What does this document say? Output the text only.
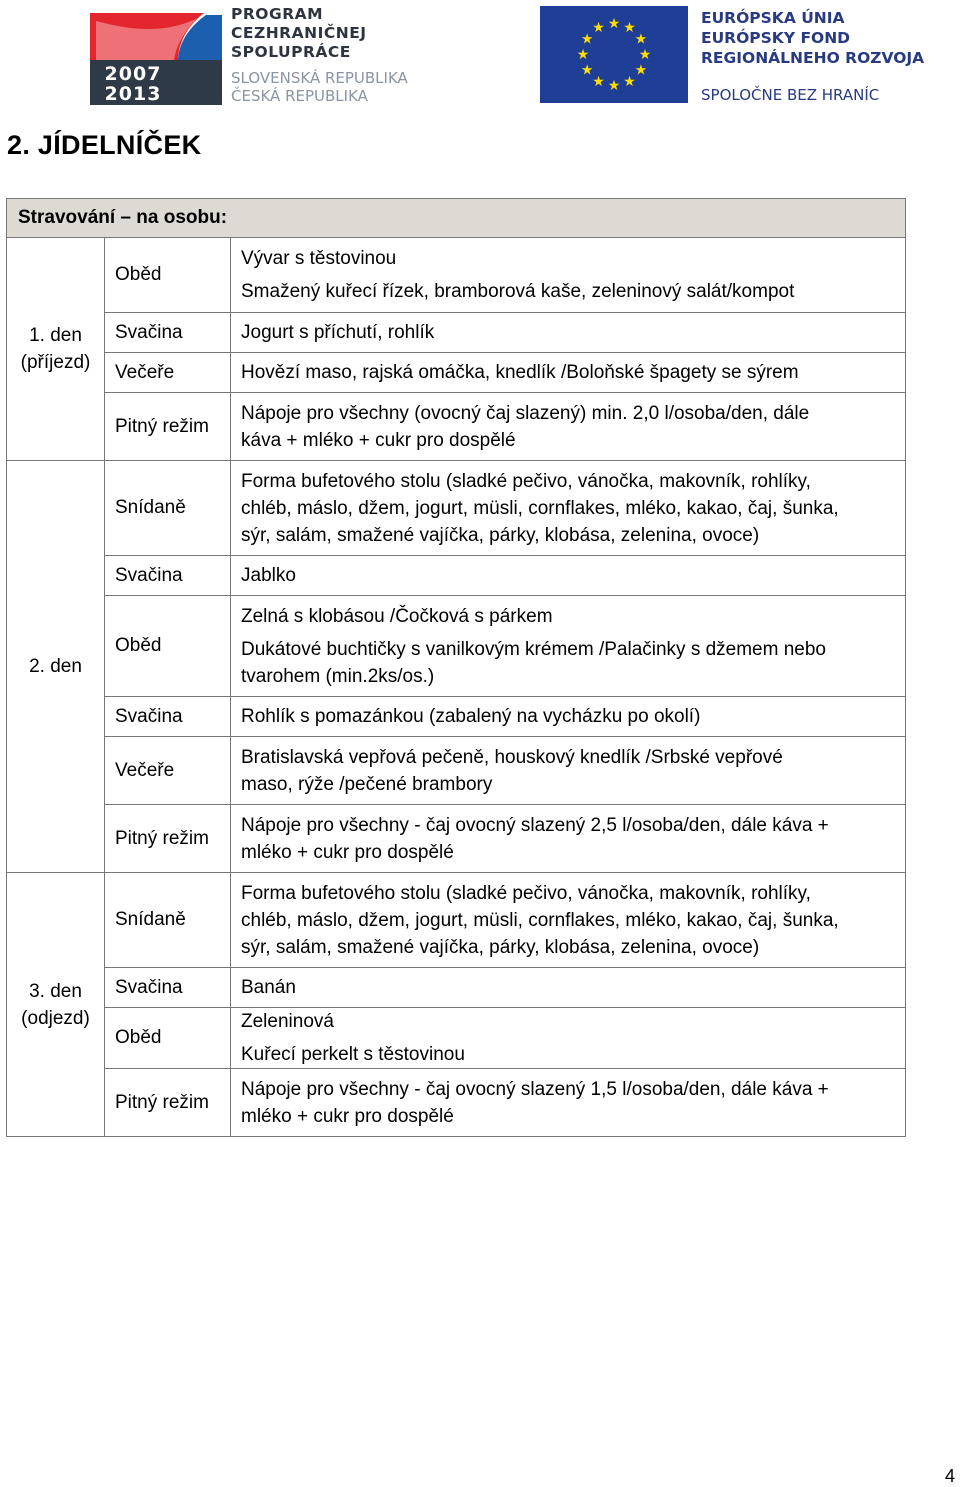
2007
2013
PROGRAM
CEZHRANIČNEJ
SPOLUPRÁCE
SLOVENSKÁ REPUBLIKA
ČESKÁ REPUBLIKA
★
★
★
★
★
★
★
★
★ ★ ★
★
EURÓPSKA ÚNIA
EURÓPSKY FOND
REGIONÁLNEHO ROZVOJA
SPOLOČNE BEZ HRANÍC
2. JÍDELNÍČEK
Stravování – na osobu:		
1. den
(příjezd)	Oběd	Vývar s těstovinou
Smažený kuřecí řízek, bramborová kaše, zeleninový salát/kompot

	Svačina	Jogurt s příchutí, rohlík

	Večeře	Hovězí maso, rajská omáčka, knedlík /Boloňské špagety se sýrem

	Pitný režim	Nápoje pro všechny (ovocný čaj slazený) min. 2,0 l/osoba/den, dále
káva + mléko + cukr pro dospělé

2. den	Snídaně	Forma bufetového stolu (sladké pečivo, vánočka, makovník, rohlíky,
chléb, máslo, džem, jogurt, müsli, cornflakes, mléko, kakao, čaj, šunka,
sýr, salám, smažené vajíčka, párky, klobása, zelenina, ovoce)

	Svačina	Jablko

	Oběd	Zelná s klobásou /Čočková s párkem
Dukátové buchtičky s vanilkovým krémem /Palačinky s džemem nebo
tvarohem (min.2ks/os.)

	Svačina	Rohlík s pomazánkou (zabalený na vycházku po okolí)

	Večeře	Bratislavská vepřová pečeně, houskový knedlík /Srbské vepřové
maso, rýže /pečené brambory

	Pitný režim	Nápoje pro všechny - čaj ovocný slazený 2,5 l/osoba/den, dále káva +
mléko + cukr pro dospělé

3. den
(odjezd)	Snídaně	Forma bufetového stolu (sladké pečivo, vánočka, makovník, rohlíky,
chléb, máslo, džem, jogurt, müsli, cornflakes, mléko, kakao, čaj, šunka,
sýr, salám, smažené vajíčka, párky, klobása, zelenina, ovoce)

	Svačina	Banán

	Oběd	Zeleninová
Kuřecí perkelt s těstovinou

	Pitný režim	Nápoje pro všechny - čaj ovocný slazený 1,5 l/osoba/den, dále káva +
mléko + cukr pro dospělé
4
